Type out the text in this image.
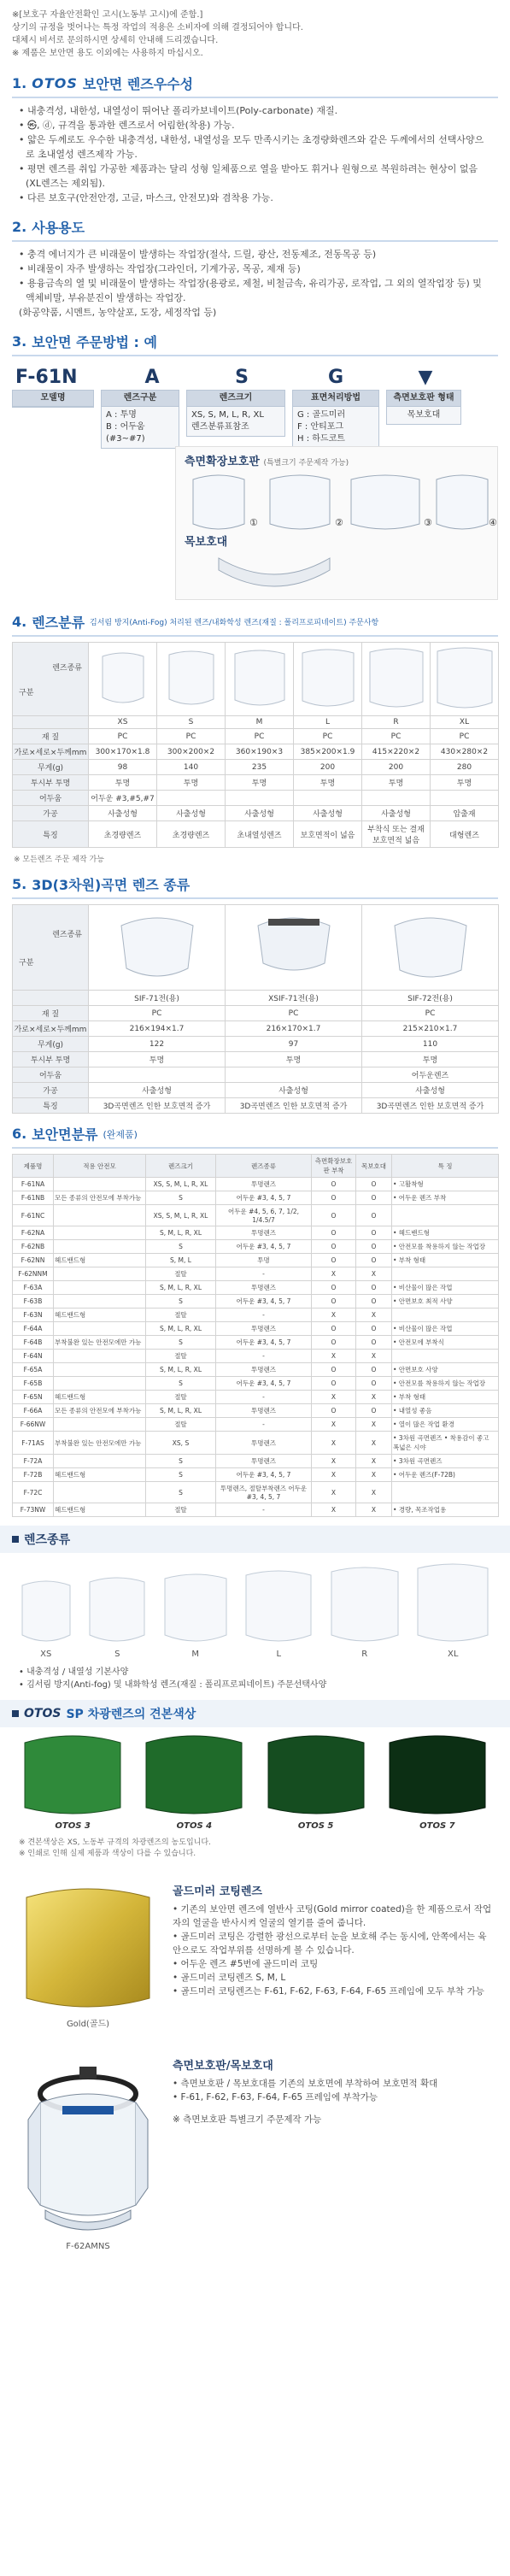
※[보호구 자율안전확인 고시(노동부 고시)에 준함.]
상기의 규정을 벗어나는 특정 작업의 적용은 소비자에 의해 결정되어야 합니다.
대체시 비서로 문의하시면 상세히 안내해 드리겠습니다.
※ 제품은 보안면 용도 이외에는 사용하지 마십시오.
1. OTOS 보안면 렌즈우수성
• 내충격성, 내한성, 내열성이 뛰어난 폴리카보네이트(Poly-carbonate) 재질.
• ㉿, ⓓ, 규격을 통과한 렌즈로서 어림한(착용) 가능.
• 얇은 두께로도 우수한 내충격성, 내한성, 내열성을 모두 만족시키는 초경량화렌즈와 같은 두께에서의 선택사양으로 초내열성 렌즈제작 가능.
• 평면 렌즈를 취입 가공한 제품과는 달리 성형 일체품으로 열을 받아도 휘거나 원형으로 복원하려는 현상이 없음(XL렌즈는 제외됨).
• 다른 보호구(안전안경, 고글, 마스크, 안전모)와 겸착용 가능.
2. 사용용도
• 충격 에너지가 큰 비래물이 발생하는 작업장(절삭, 드릴, 광산, 전동제조, 전동목공 등)
• 비래물이 자주 발생하는 작업장(그라인더, 기계가공, 목공, 제재 등)
• 용융금속의 열 및 비래물이 발생하는 작업장(용광로, 제철, 비철금속, 유리가공, 로작업, 그 외의 열작업장 등) 및 액체비말, 부유분진이 발생하는 작업장.
(화공약품, 시멘트, 농약살포, 도장, 세정작업 등)
3. 보안면 주문방법 : 예
F-61N	A	S	G	▼
모델명	렌즈구분
A : 투명
B : 어두움
(#3~#7)
렌즈크기
XS, S, M, L, R, XL
렌즈분류표참조
표면처리방법
G : 골드미러
F : 안티포그
H : 하드코트
측면보호판 형태
목보호대
측면확장보호판 (특별크기 주문제작 가능)
①	②	③	④
목보호대
4. 렌즈분류 김서림 방지(Anti-Fog) 처리된 렌즈/내화학성 렌즈(재질 : 폴리프로피네이트) 주문사항
렌즈종류
구분

	XS	S	M	L	R	XL
재 질	PC	PC	PC	PC	PC	PC
가로×세로×두께mm	300×170×1.8	300×200×2	360×190×3	385×200×1.9	415×220×2	430×280×2
무게(g)	98	140	235	200	200	280
투시부 투명	투명	투명	투명	투명	투명	투명
어두움	어두운 #3,#5,#7					
가공	사출성형	사출성형	사출성형	사출성형	사출성형	압출재
특징	초경량렌즈	초경량렌즈	초내열성렌즈	보호면적이 넓음	부착식 또는 결재 보호면적 넓음	대형렌즈
※ 모든렌즈 주문 제작 가능
5. 3D(3차원)곡면 렌즈 종류
렌즈종류
구분

	SIF-71전(용)	XSIF-71전(용)	SIF-72전(용)
재 질	PC	PC	PC
가로×세로×두께mm	216×194×1.7	216×170×1.7	215×210×1.7
무게(g)	122	97	110
투시부 투명	투명	투명	투명
어두움			어두운렌즈
가공	사출성형	사출성형	사출성형
특징	3D곡면렌즈 인한 보호면적 증가	3D곡면렌즈 인한 보호면적 증가	3D곡면렌즈 인한 보호면적 증가
6. 보안면분류 (완제품)
제품명	적용 안전모	렌즈크기	렌즈종류	측면확장보호판 부착	목보호대	특 징
F-61NA		XS, S, M, L, R, XL	투명렌즈	O	O	• 고활착형
F-61NB	모든 종류의 안전모에 부착가능	S	어두운 #3, 4, 5, 7	O	O	• 어두운 렌즈 부착
F-61NC		XS, S, M, L, R, XL	어두운 #4, 5, 6, 7, 1/2, 1/4.5/7	O	O	
F-62NA		S, M, L, R, XL	투명렌즈	O	O	• 헤드밴드형
F-62NB		S	어두운 #3, 4, 5, 7	O	O	• 안전모를 착용하지 않는 작업장
F-62NN	헤드밴드형	S, M, L	투명	O	O	• 부착 형태
F-62NNM		절탈	-	X	X	
F-63A		S, M, L, R, XL	투명렌즈	O	O	• 비산물이 많은 작업
F-63B		S	어두운 #3, 4, 5, 7	O	O	• 안면보호 최적 사양
F-63N	헤드밴드형	절탈	-	X	X	
F-64A		S, M, L, R, XL	투명렌즈	O	O	• 비산물이 많은 작업
F-64B	부착불완 있는 안전모에만 가능	S	어두운 #3, 4, 5, 7	O	O	• 안전모에 부착식
F-64N		절탈	-	X	X	
F-65A		S, M, L, R, XL	투명렌즈	O	O	• 안면보호 사양
F-65B		S	어두운 #3, 4, 5, 7	O	O	• 안전모를 착용하지 않는 작업장
F-65N	헤드밴드형	절탈	-	X	X	• 부착 형태
F-66A	모든 종류의 안전모에 부착가능	S, M, L, R, XL	투명렌즈	O	O	• 내열성 좋음
F-66NW		절탈	-	X	X	• 열이 많은 작업 환경
F-71AS	부착불완 있는 안전모에만 가능	XS, S	투명렌즈	X	X	• 3차원 곡면렌즈 • 착용감이 좋고 폭넓은 시야
F-72A		S	투명렌즈	X	X	• 3차원 곡면렌즈
F-72B	헤드밴드형	S	어두운 #3, 4, 5, 7	X	X	• 어두운 렌즈(F-72B)
F-72C		S	투명렌즈, 절탈부착렌즈 어두운 #3, 4, 5, 7	X	X	
F-73NW	헤드밴드형	절탈	-	X	X	• 경량, 목조작업용
렌즈종류
XS	S	M	L	R	XL
• 내충격성 / 내열성 기본사양
• 김서림 방지(Anti-fog) 및 내화학성 렌즈(재질 : 폴리프로피네이트) 주문선택사양
OTOS SP 차광렌즈의 견본색상
OTOS 3	OTOS 4	OTOS 5	OTOS 7
※ 견본색상은 XS, 노동부 규격의 차광렌즈의 농도입니다.
※ 인쇄로 인해 실제 제품과 색상이 다를 수 있습니다.
Gold(골드)
골드미러 코팅렌즈
• 기존의 보안면 렌즈에 열반사 코팅(Gold mirror coated)을 한 제품으로서 작업자의 얼굴을 반사시켜 얼굴의 열기를 줄여 줍니다.
• 골드미러 코팅은 강렬한 광선으로부터 눈을 보호해 주는 동시에, 안쪽에서는 육안으로도 작업부위를 선명하게 볼 수 있습니다.
• 어두운 렌즈 #5번에 골드미러 코팅
• 골드미러 코팅렌즈 S, M, L
• 골드미러 코팅렌즈는 F-61, F-62, F-63, F-64, F-65 프레임에 모두 부착 가능
F-62AMNS
측면보호판/목보호대
• 측면보호판 / 목보호대를 기존의 보호면에 부착하여 보호면적 확대
• F-61, F-62, F-63, F-64, F-65 프레임에 부착가능
※ 측면보호판 특별크기 주문제작 가능
